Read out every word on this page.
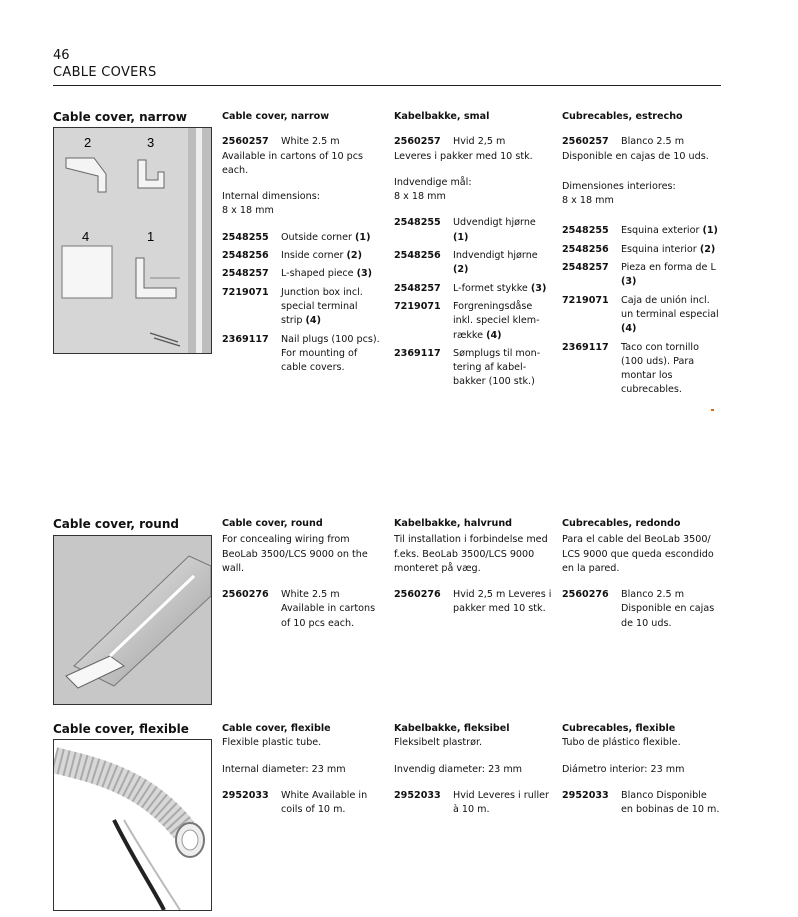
46
CABLE COVERS
Cable cover, narrow
2	3
4	1

Cable cover, narrow

2560257	White 2.5 m

Available in cartons of 10 pcs each.

Internal dimensions:

8 x 18 mm

2548255	Outside corner (1)
2548256	Inside corner (2)
2548257	L-shaped piece (3)
7219071	Junction box incl. special terminal strip (4)
2369117	Nail plugs (100 pcs). For mounting of cable covers.

Kabelbakke, smal

2560257	Hvid 2,5 m

Leveres i pakker med 10 stk.

Indvendige mål:

8 x 18 mm

2548255	Udvendigt hjørne (1)
2548256	Indvendigt hjørne (2)
2548257	L-formet stykke (3)
7219071	Forgreningsdåse inkl. speciel klem-række (4)
2369117	Sømplugs til mon-tering af kabel-bakker (100 stk.)

Cubrecables, estrecho

2560257	Blanco 2.5 m

Disponible en cajas de 10 uds.

Dimensiones interiores:

8 x 18 mm

2548255	Esquina exterior (1)
2548256	Esquina interior (2)
2548257	Pieza en forma de L (3)
7219071	Caja de unión incl. un terminal especial (4)
2369117	Taco con tornillo (100 uds). Para montar los cubrecables.
Cable cover, round	Cable cover, round

For concealing wiring from BeoLab 3500/LCS 9000 on the wall.

2560276	White 2.5 m Available in cartons of 10 pcs each.

Kabelbakke, halvrund

Til installation i forbindelse med f.eks. BeoLab 3500/LCS 9000 monteret på væg.

2560276	Hvid 2,5 m Leveres i pakker med 10 stk.

Cubrecables, redondo

Para el cable del BeoLab 3500/ LCS 9000 que queda escondido en la pared.

2560276	Blanco 2.5 m Disponible en cajas de 10 uds.
Cable cover, flexible	Cable cover, flexible

Flexible plastic tube.

Internal diameter: 23 mm

2952033	White Available in coils of 10 m.

Kabelbakke, fleksibel

Fleksibelt plastrør.

Invendig diameter: 23 mm

2952033	Hvid Leveres i ruller à 10 m.

Cubrecables, flexible

Tubo de plástico flexible.

Diámetro interior: 23 mm

2952033	Blanco Disponible en bobinas de 10 m.
